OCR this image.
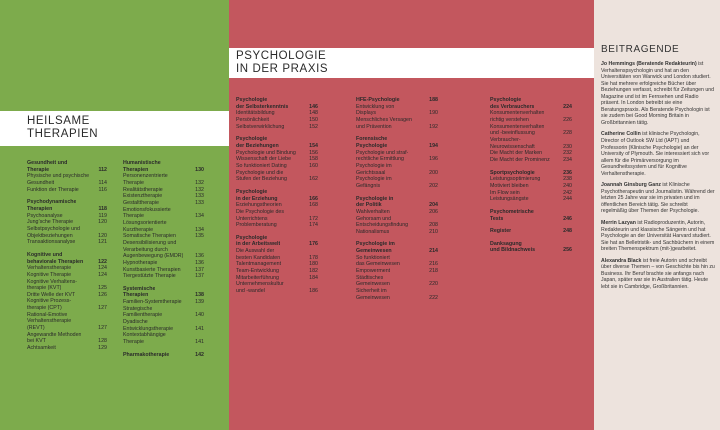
HEILSAME
THERAPIEN
Gesundheit und
Therapie	112
Physische und psychische
Gesundheit	114
Funktion der Therapie	116
Psychodynamische
Therapien	118
Psychoanalyse	119
Jung’sche Therapie	120
Selbstpsychologie und
Objektbeziehungen	120
Transaktionsanalyse	121
Kognitive und
behaviorale Therapien	122
Verhaltenstherapie	124
Kognitive Therapie	124
Kognitive Verhaltens-
therapie (KVT)	125
Dritte Welle der KVT	126
Kognitive Prozess-
therapie (CPT)	127
Rational-Emotive
Verhaltenstherapie
(REVT)	127
Angewandte Methoden
bei KVT	128
Achtsamkeit	129
Humanistische
Therapien	130
Personenzentrierte
Therapie	132
Realitätstherapie	132
Existenztherapie	133
Gestalttherapie	133
Emotionsfokussierte
Therapie	134
Lösungsorientierte
Kurztherapie	134
Somatische Therapien	135
Desensibilisierung und
Verarbeitung durch
Augenbewegung (EMDR)	136
Hypnotherapie	136
Kunstbasierte Therapien	137
Tiergestützte Therapie	137
Systemische
Therapien	138
Familien-Systemtherapie	139
Strategische
Familientherapie	140
Dyadische
Entwicklungstherapie	141
Kontextabhängige
Therapie	141
Pharmakotherapie	142
PSYCHOLOGIE
IN DER PRAXIS
Psychologie
der Selbsterkenntnis	146
Identitätsbildung	148
Persönlichkeit	150
Selbstverwirklichung	152
Psychologie
der Beziehungen	154
Psychologie und Bindung	156
Wissenschaft der Liebe	158
So funktioniert Dating	160
Psychologie und die
Stufen der Beziehung	162
Psychologie
in der Erziehung	166
Erziehungstheorien	168
Die Psychologie des
Unterrichtens	172
Problemberatung	174
Psychologie
in der Arbeitswelt	176
Die Auswahl der
besten Kandidaten	178
Talentmanagement	180
Team-Entwicklung	182
Mitarbeiterführung	184
Unternehmenskultur
und -wandel	186
HFE-Psychologie	188
Entwicklung von
Displays	190
Menschliches Versagen
und Prävention	192
Forensische
Psychologie	194
Psychologie und straf-
rechtliche Ermittlung	196
Psychologie im
Gerichtssaal	200
Psychologie im
Gefängnis	202
Psychologie in
der Politik	204
Wahlverhalten	206
Gehorsam und
Entscheidungsfindung	208
Nationalismus	210
Psychologie im
Gemeinwesen	214
So funktioniert
das Gemeinwesen	216
Empowerment	218
Städtisches
Gemeinwesen	220
Sicherheit im
Gemeinwesen	222
Psychologie
des Verbrauchers	224
Konsumentenverhalten
richtig verstehen	226
Konsumentenverhalten
und -beeinflussung	228
Verbraucher-
Neurowissenschaft	230
Die Macht der Marken	232
Die Macht der Prominenz	234
Sportpsychologie	236
Leistungsoptimierung	238
Motiviert bleiben	240
Im Flow sein	242
Leistungsängste	244
Psychometrische
Tests	246
Register	248
Danksagung
und Bildnachweis	256
BEITRAGENDE

Jo Hemmings (Beratende Redakteurin) ist Verhaltenspsychologin und hat an den Universitäten von Warwick und London studiert. Sie hat mehrere erfolgreiche Bücher über Beziehungen verfasst, schreibt für Zeitungen und Magazine und ist im Fernsehen und Radio präsent. In London betreibt sie eine Beratungspraxis. Als Beratende Psychologin ist sie zudem bei Good Morning Britain in Großbritannien tätig.

Catherine Collin ist klinische Psychologin, Director of Outlook SW Ltd (IAPT) und Professorin (Klinische Psychologie) an der University of Plymouth. Sie interessiert sich vor allem für die Primärversorgung im Gesundheitssystem und für Kognitive Verhaltenstherapie.

Joannah Ginsburg Ganz ist Klinische Psychotherapeutin und Journalistin. Während der letzten 25 Jahre war sie im privaten und im öffentlichen Bereich tätig. Sie schreibt regelmäßig über Themen der Psychologie.

Merrin Lazyan ist Radioproduzentin, Autorin, Redakteurin und klassische Sängerin und hat Psychologie an der Universität Harvard studiert. Sie hat an Belletristik- und Sachbüchern in einem breiten Themenspektrum (mit-)gearbeitet.

Alexandra Black ist freie Autorin und schreibt über diverse Themen – von Geschichte bis hin zu Business. Ihr Beruf brachte sie anfangs nach Japan, später war sie in Australien tätig. Heute lebt sie in Cambridge, Großbritannien.
